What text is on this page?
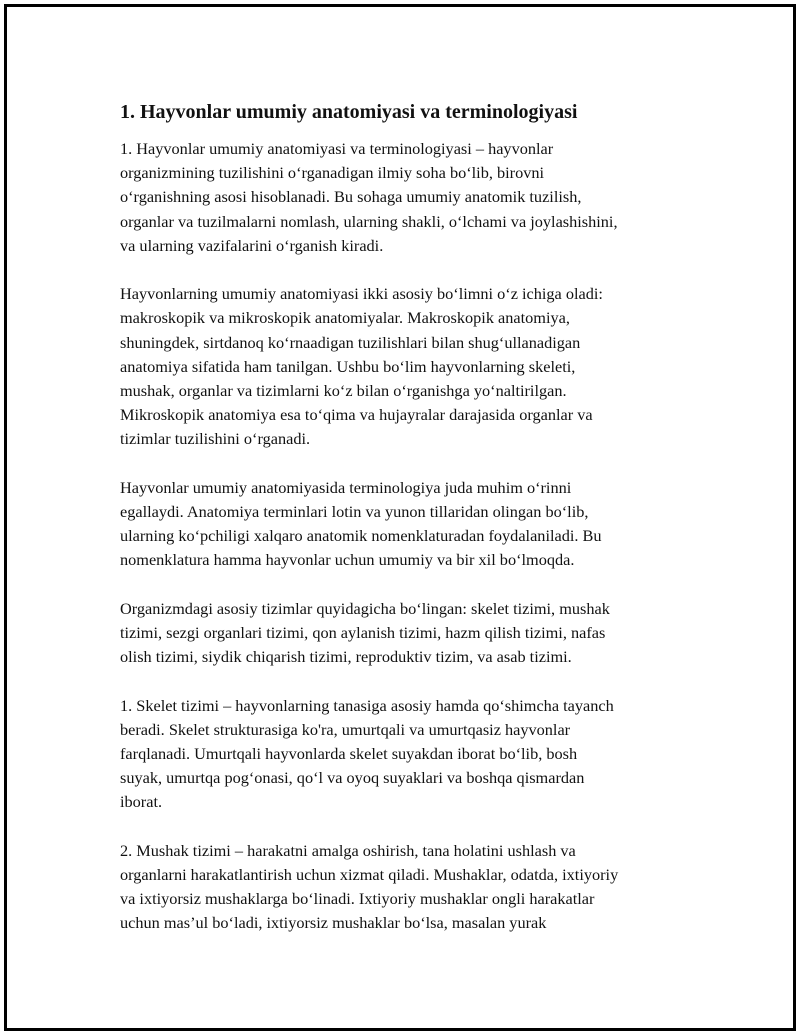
1. Hayvonlar umumiy anatomiyasi va terminologiyasi
1. Hayvonlar umumiy anatomiyasi va terminologiyasi – hayvonlar
organizmining tuzilishini o‘rganadigan ilmiy soha bo‘lib, birovni
o‘rganishning asosi hisoblanadi. Bu sohaga umumiy anatomik tuzilish,
organlar va tuzilmalarni nomlash, ularning shakli, o‘lchami va joylashishini,
va ularning vazifalarini o‘rganish kiradi.
Hayvonlarning umumiy anatomiyasi ikki asosiy bo‘limni o‘z ichiga oladi:
makroskopik va mikroskopik anatomiyalar. Makroskopik anatomiya,
shuningdek, sirtdanoq ko‘rnaadigan tuzilishlari bilan shug‘ullanadigan
anatomiya sifatida ham tanilgan. Ushbu bo‘lim hayvonlarning skeleti,
mushak, organlar va tizimlarni ko‘z bilan o‘rganishga yo‘naltirilgan.
Mikroskopik anatomiya esa to‘qima va hujayralar darajasida organlar va
tizimlar tuzilishini o‘rganadi.
Hayvonlar umumiy anatomiyasida terminologiya juda muhim o‘rinni
egallaydi. Anatomiya terminlari lotin va yunon tillaridan olingan bo‘lib,
ularning ko‘pchiligi xalqaro anatomik nomenklaturadan foydalaniladi. Bu
nomenklatura hamma hayvonlar uchun umumiy va bir xil bo‘lmoqda.
Organizmdagi asosiy tizimlar quyidagicha bo‘lingan: skelet tizimi, mushak
tizimi, sezgi organlari tizimi, qon aylanish tizimi, hazm qilish tizimi, nafas
olish tizimi, siydik chiqarish tizimi, reproduktiv tizim, va asab tizimi.
1. Skelet tizimi – hayvonlarning tanasiga asosiy hamda qo‘shimcha tayanch
beradi. Skelet strukturasiga ko'ra, umurtqali va umurtqasiz hayvonlar
farqlanadi. Umurtqali hayvonlarda skelet suyakdan iborat bo‘lib, bosh
suyak, umurtqa pog‘onasi, qo‘l va oyoq suyaklari va boshqa qismardan
iborat.
2. Mushak tizimi – harakatni amalga oshirish, tana holatini ushlash va
organlarni harakatlantirish uchun xizmat qiladi. Mushaklar, odatda, ixtiyoriy
va ixtiyorsiz mushaklarga bo‘linadi. Ixtiyoriy mushaklar ongli harakatlar
uchun mas’ul bo‘ladi, ixtiyorsiz mushaklar bo‘lsa, masalan yurak
